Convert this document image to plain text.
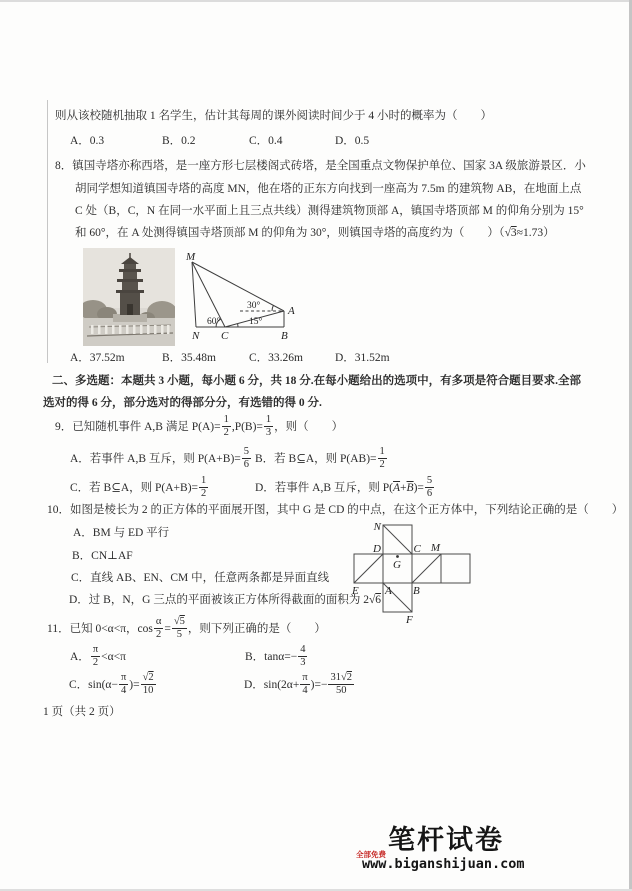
则从该校随机抽取 1 名学生，估计其每周的课外阅读时间少于 4 小时的概率为（　　）
A．0.3	B．0.2	C．0.4	D．0.5
8．镇国寺塔亦称西塔，是一座方形七层楼阁式砖塔，是全国重点文物保护单位、国家 3A 级旅游景区．小
胡同学想知道镇国寺塔的高度 MN，他在塔的正东方向找到一座高为 7.5m 的建筑物 AB，在地面上点
C 处（B，C，N 在同一水平面上且三点共线）测得建筑物顶部 A，镇国寺塔顶部 M 的仰角分别为 15°
和 60°，在 A 处测得镇国寺塔顶部 M 的仰角为 30°，则镇国寺塔的高度约为（　　）（√3≈1.73）
M
N C	B
A
30°
60°	15°
A．37.52m	B．35.48m	C．33.26m	D．31.52m
二、多选题：本题共 3 小题，每小题 6 分，共 18 分.在每小题给出的选项中，有多项是符合题目要求.全部
选对的得 6 分，部分选对的得部分分，有选错的得 0 分.
9．已知随机事件 A,B 满足 $P(A)= \frac{1}{2} ,P(B)= \frac{1}{3}$ ，则（　　）
A．若事件 A,B 互斥，则 $P(A+B)= \frac{5}{6}$ B．若 B⊆A，则 $P(AB)= \frac{1}{2}$
C．若 B⊆A，则 $P(A+B)= \frac{1}{2}$	D．若事件 A,B 互斥，则 $P(\overline{A}+\overline{B})= \frac{5}{6}$
10．如图是棱长为 2 的正方体的平面展开图，其中 G 是 CD 的中点，在这个正方体中，下列结论正确的是（　　）
A．BM 与 ED 平行
B．CN⊥AF
C．直线 AB、EN、CM 中，任意两条都是异面直线
D．过 B，N，G 三点的平面被该正方体所得截面的面积为 2√6
N
D	C M
G
E A B
F
11．已知 0<α<π，$\cos \frac{\alpha}{2} = \frac{√5}{5}$ ，则下列正确的是（　　）
A． $\frac{\pi}{2} <\alpha<\pi$	B．$\tan\alpha=- \frac{4}{3}$
C．$\sin(\alpha- \frac{\pi}{4}$ )= $\frac{√2}{10}$	D．$\sin(2\alpha+ \frac{\pi}{4}$ )=− $\frac{31√2}{50}$
1 页（共 2 页）
全部免费 笔杆试卷
www.biganshijuan.com
